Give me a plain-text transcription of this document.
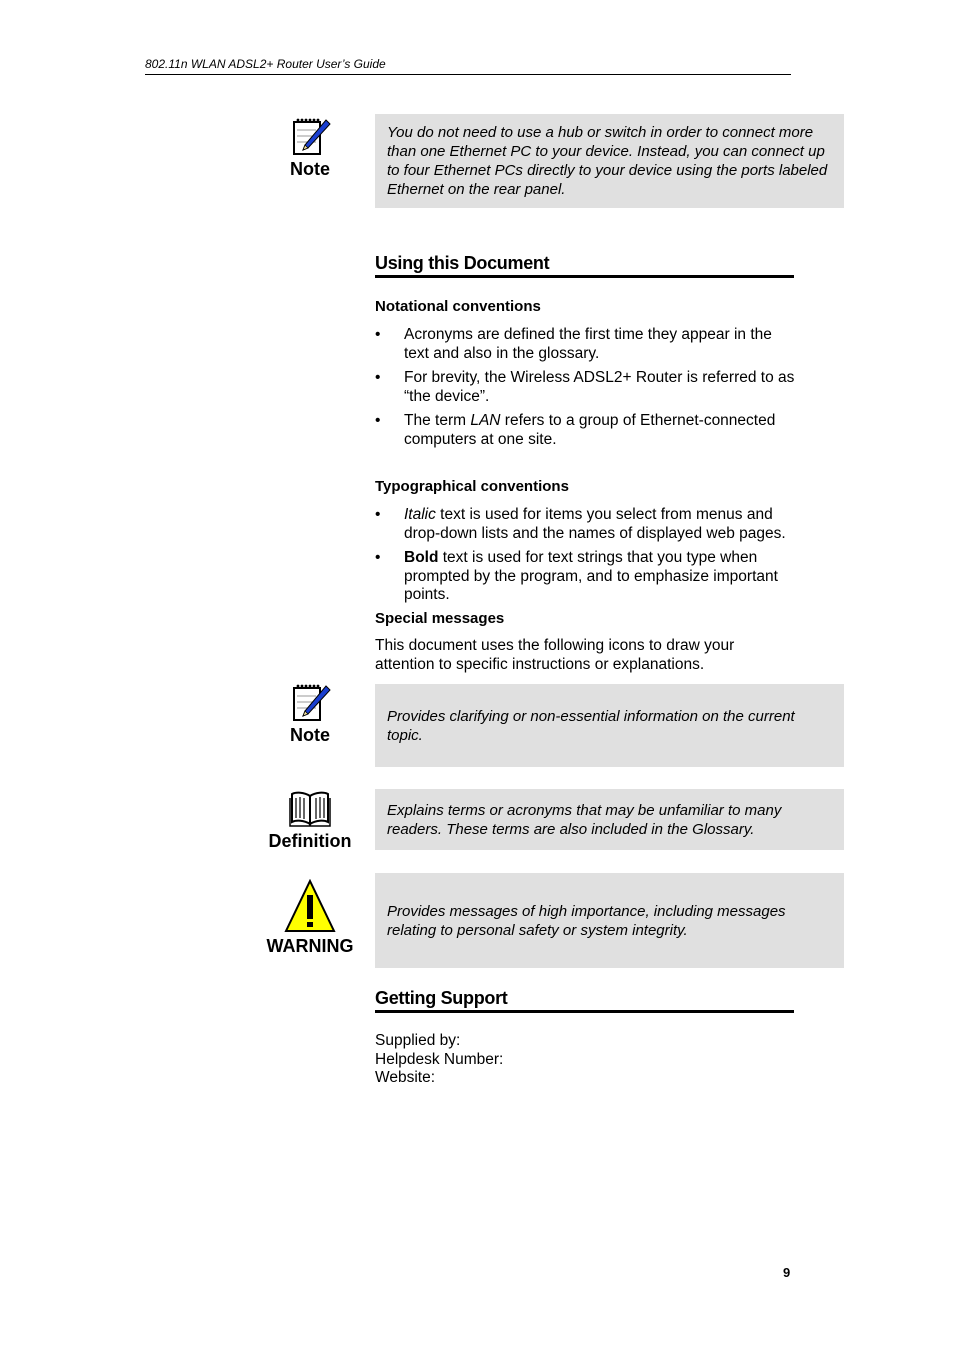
802.11n WLAN ADSL2+ Router User’s Guide
Note
You do not need to use a hub or switch in order to connect more than one Ethernet PC to your device. Instead, you can connect up to four Ethernet PCs directly to your device using the ports labeled Ethernet on the rear panel.
Using this Document
Notational conventions
• Acronyms are defined the first time they appear in the text and also in the glossary.
• For brevity, the Wireless ADSL2+ Router is referred to as “the device”.
• The term LAN refers to a group of Ethernet-connected computers at one site.
Typographical conventions
• Italic text is used for items you select from menus and drop-down lists and the names of displayed web pages.
• Bold text is used for text strings that you type when prompted by the program, and to emphasize important points.
Special messages
This document uses the following icons to draw your attention to specific instructions or explanations.
Note
Provides clarifying or non-essential information on the current topic.
Definition
Explains terms or acronyms that may be unfamiliar to many readers. These terms are also included in the Glossary.
WARNING
Provides messages of high importance, including messages relating to personal safety or system integrity.
Getting Support
Supplied by:
Helpdesk Number:
Website:
9
